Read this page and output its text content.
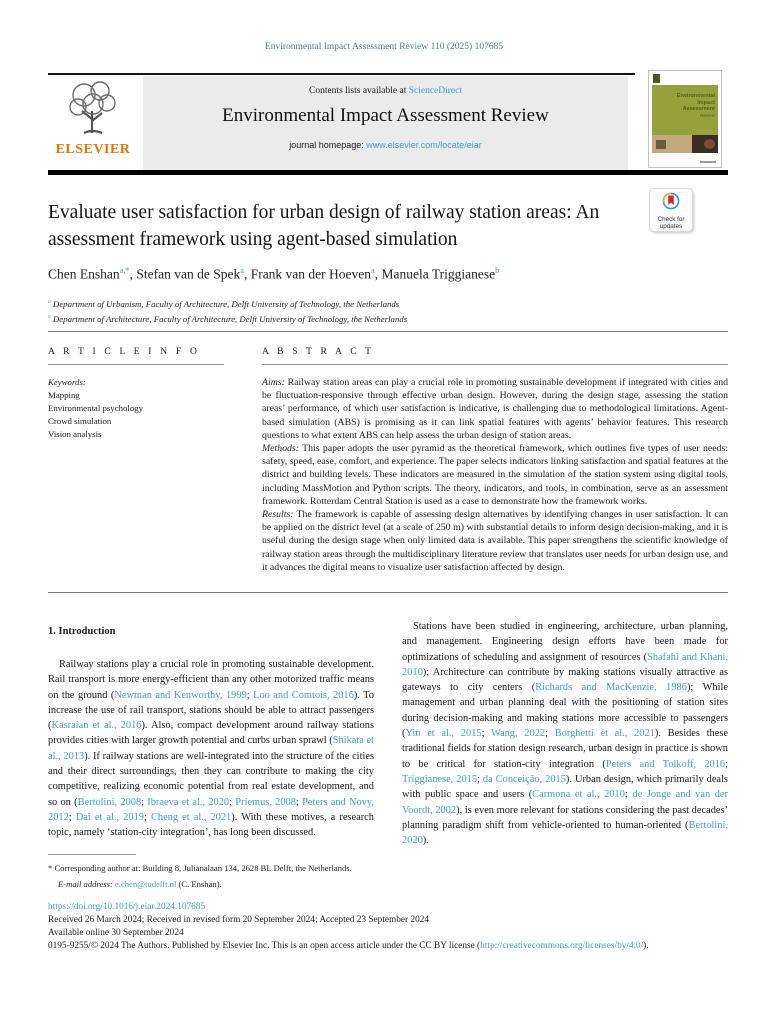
Environmental Impact Assessment Review 110 (2025) 107685
ELSEVIER
Contents lists available at ScienceDirect
Environmental Impact Assessment Review
journal homepage: www.elsevier.com/locate/eiar
Environmental
Impact
Assessment
Review
Evaluate user satisfaction for urban design of railway station areas: An assessment framework using agent-based simulation
Check for
updates
Chen Enshan$^{a,*}$, Stefan van de Spek$^a$, Frank van der Hoeven$^a$, Manuela Triggianese$^b$
$^a$ Department of Urbanism, Faculty of Architecture, Delft University of Technology, the Netherlands
$^b$ Department of Architecture, Faculty of Architecture, Delft University of Technology, the Netherlands
A R T I C L E I N F O
Keywords:
Mapping
Environmental psychology
Crowd simulation
Vision analysis
A B S T R A C T
Aims: Railway station areas can play a crucial role in promoting sustainable development if integrated with cities and be fluctuation-responsive through effective urban design. However, during the design stage, assessing the station areas’ performance, of which user satisfaction is indicative, is challenging due to methodological limitations. Agent-based simulation (ABS) is promising as it can link spatial features with agents’ behavior features. This research questions to what extent ABS can help assess the urban design of station areas.
Methods: This paper adopts the user pyramid as the theoretical framework, which outlines five types of user needs: safety, speed, ease, comfort, and experience. The paper selects indicators linking satisfaction and spatial features at the district and building levels. These indicators are measured in the simulation of the station system using digital tools, including MassMotion and Python scripts. The theory, indicators, and tools, in combination, serve as an assessment framework. Rotterdam Central Station is used as a case to demonstrate how the framework works.
Results: The framework is capable of assessing design alternatives by identifying changes in user satisfaction. It can be applied on the district level (at a scale of 250 m) with substantial details to inform design decision-making, and it is useful during the design stage when only limited data is available. This paper strengthens the scientific knowledge of railway station areas through the multidisciplinary literature review that translates user needs for urban design use, and it advances the digital means to visualize user satisfaction affected by design.
1. Introduction
Railway stations play a crucial role in promoting sustainable development. Rail transport is more energy-efficient than any other motorized traffic means on the ground (Newman and Kenworthy, 1999; Loo and Comtois, 2016). To increase the use of rail transport, stations should be able to attract passengers (Kasraian et al., 2016). Also, compact development around railway stations provides cities with larger growth potential and curbs urban sprawl (Shikata et al., 2013). If railway stations are well-integrated into the structure of the cities and their direct surroundings, then they can contribute to making the city competitive, realizing economic potential from real estate development, and so on (Bertolini, 2008; Ibraeva et al., 2020; Priemus, 2008; Peters and Novy, 2012; Dai et al., 2019; Cheng et al., 2021). With these motives, a research topic, namely ‘station-city integration’, has long been discussed.
Stations have been studied in engineering, architecture, urban planning, and management. Engineering design efforts have been made for optimizations of scheduling and assignment of resources (Shafahi and Khani, 2010); Architecture can contribute by making stations visually attractive as gateways to city centers (Richards and MacKenzie, 1986); While management and urban planning deal with the positioning of station sites during decision-making and making stations more accessible to passengers (Yin et al., 2015; Wang, 2022; Borghetti et al., 2021). Besides these traditional fields for station design research, urban design in practice is shown to be critical for station-city integration (Peters and Tolkoff, 2016; Triggianese, 2015; da Conceição, 2015). Urban design, which primarily deals with public space and users (Carmona et al., 2010; de Jonge and van der Voordt, 2002), is even more relevant for stations considering the past decades’ planning paradigm shift from vehicle-oriented to human-oriented (Bertolini, 2020).
* Corresponding author at: Building 8, Julianalaan 134, 2628 BL Delft, the Netherlands.
E-mail address: e.chen@tudelft.nl (C. Enshan).
https://doi.org/10.1016/j.eiar.2024.107685
Received 26 March 2024; Received in revised form 20 September 2024; Accepted 23 September 2024
Available online 30 September 2024
0195-9255/© 2024 The Authors. Published by Elsevier Inc. This is an open access article under the CC BY license (http://creativecommons.org/licenses/by/4.0/).
